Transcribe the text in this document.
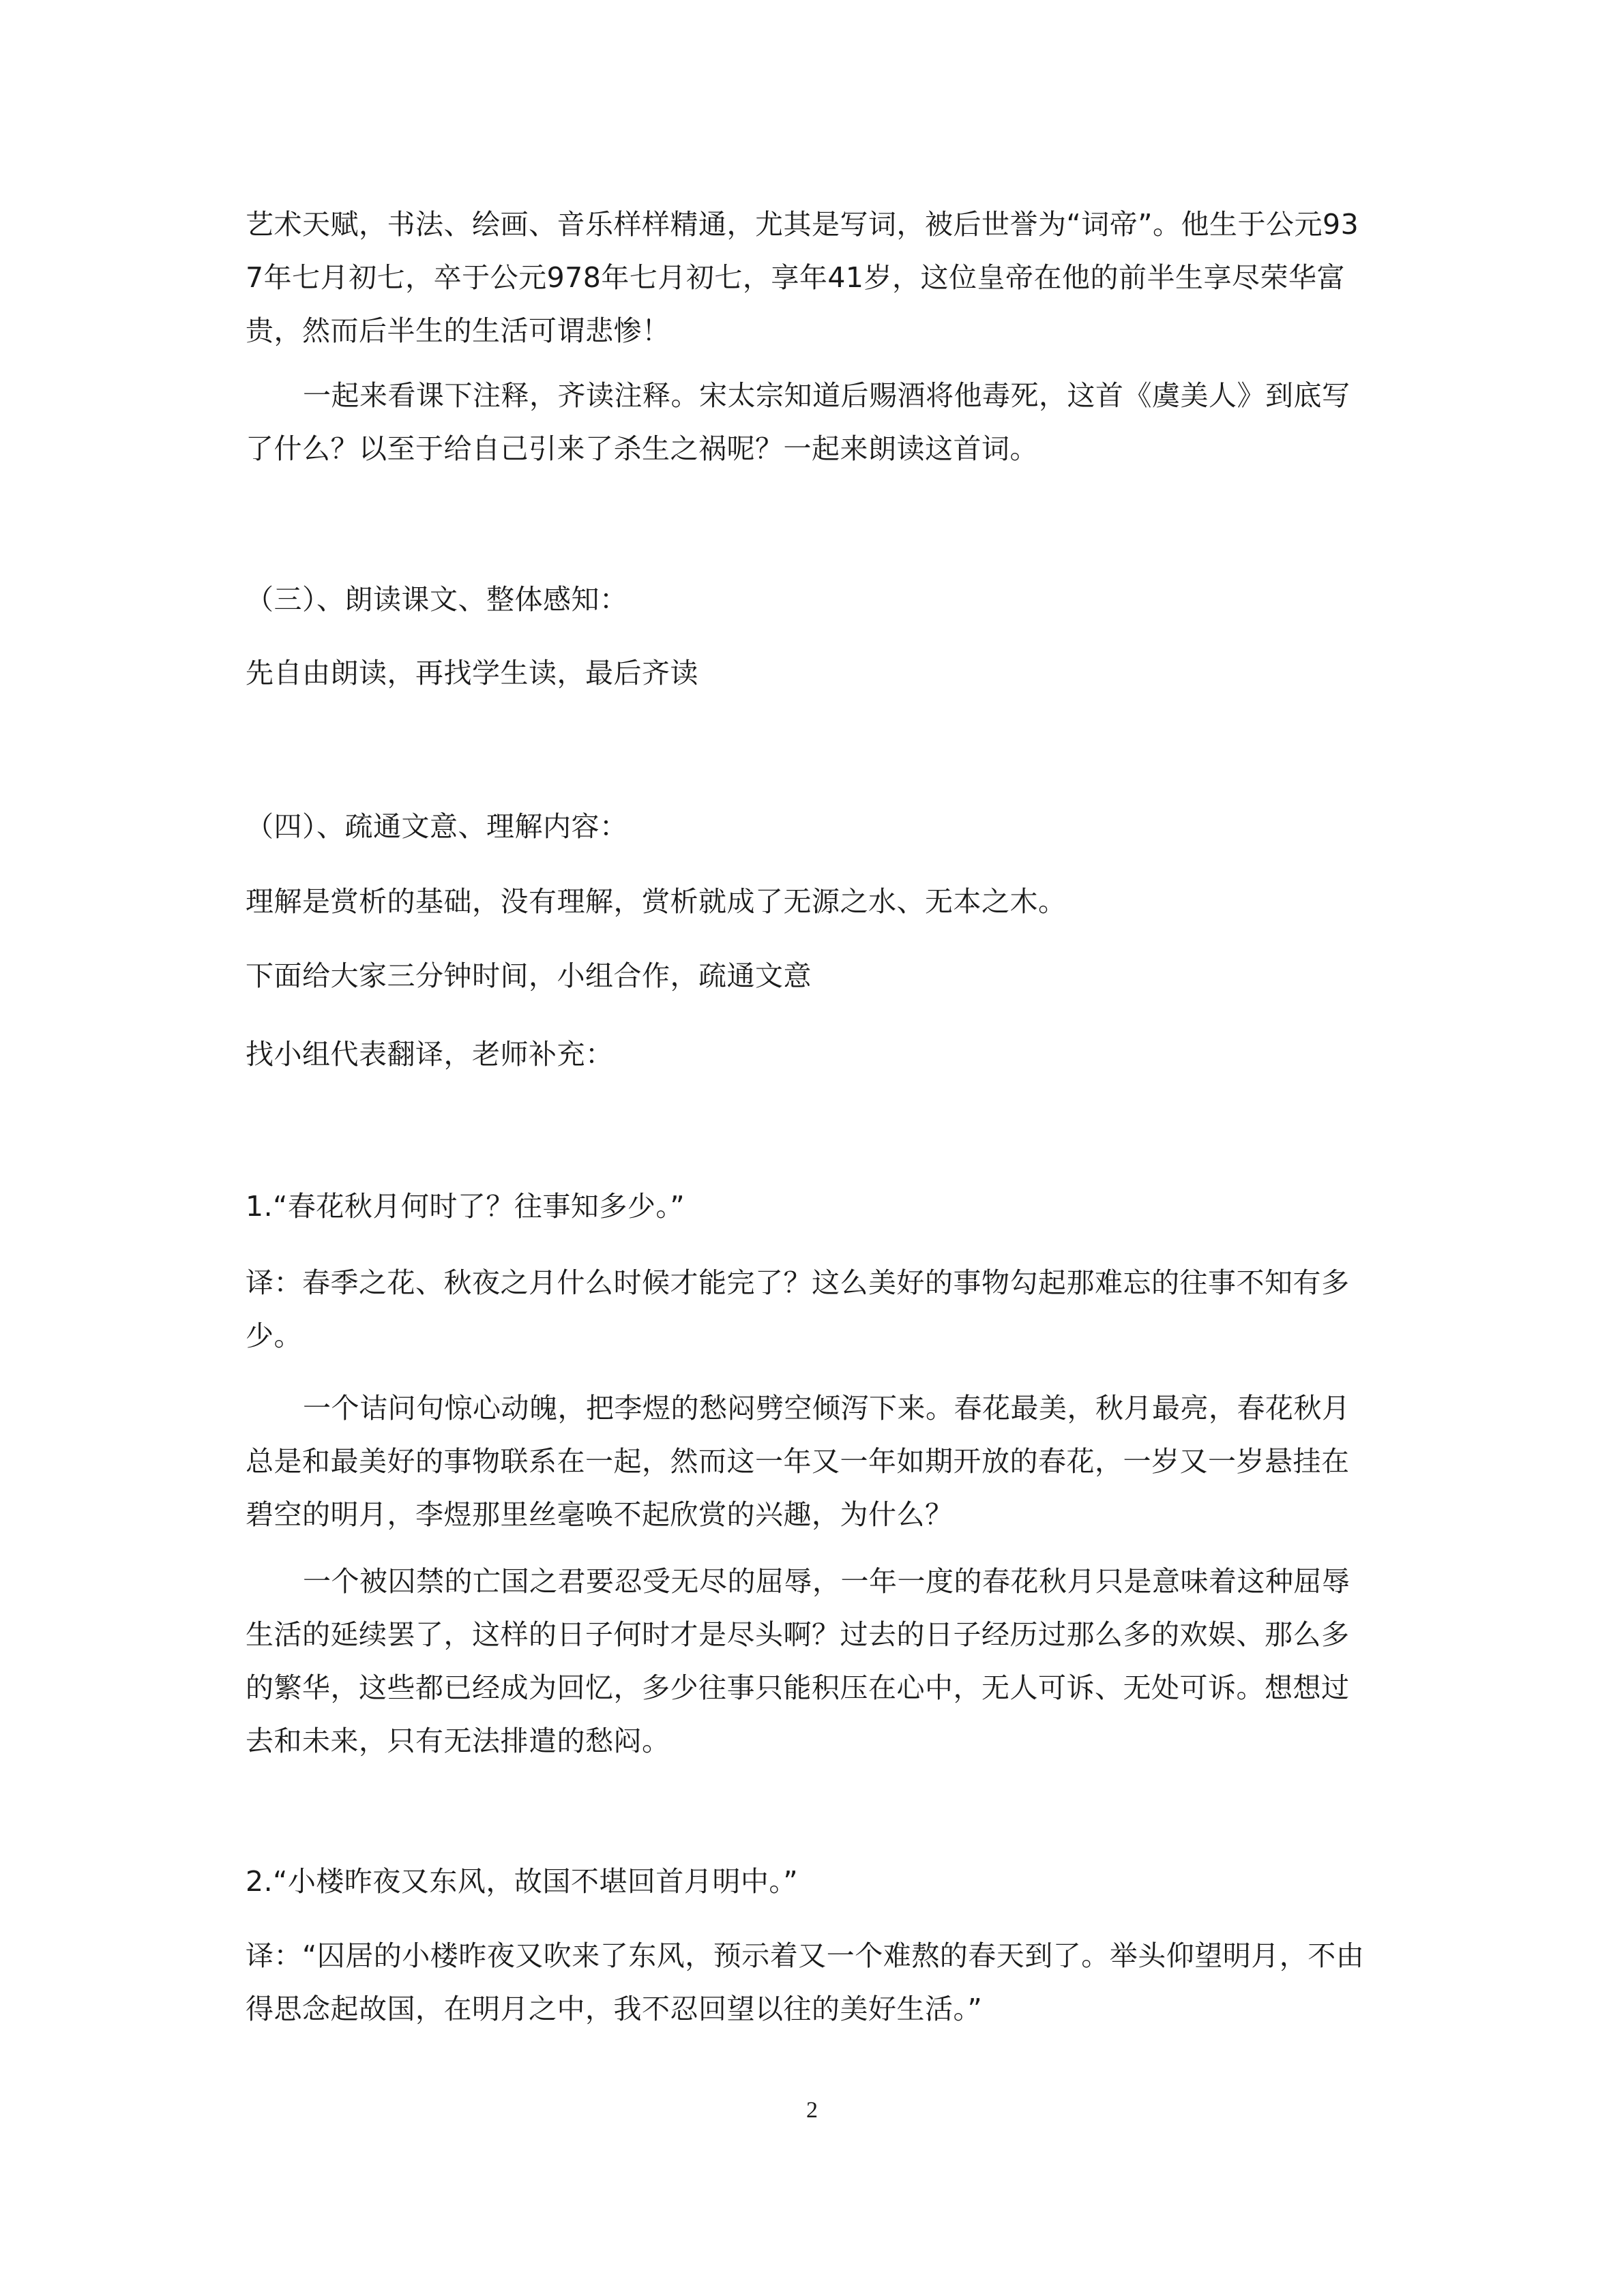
艺术天赋，书法、绘画、音乐样样精通，尤其是写词，被后世誉为“词帝”。他生于公元937年七月初七，卒于公元978年七月初七，享年41岁，这位皇帝在他的前半生享尽荣华富贵，然而后半生的生活可谓悲惨！

一起来看课下注释，齐读注释。宋太宗知道后赐酒将他毒死，这首《虞美人》到底写了什么？以至于给自己引来了杀生之祸呢？一起来朗读这首词。

（三）、朗读课文、整体感知：

先自由朗读，再找学生读，最后齐读

（四）、疏通文意、理解内容：

理解是赏析的基础，没有理解，赏析就成了无源之水、无本之木。

下面给大家三分钟时间，小组合作，疏通文意

找小组代表翻译，老师补充：

1.“春花秋月何时了？往事知多少。”

译：春季之花、秋夜之月什么时候才能完了？这么美好的事物勾起那难忘的往事不知有多少。

一个诘问句惊心动魄，把李煜的愁闷劈空倾泻下来。春花最美，秋月最亮，春花秋月总是和最美好的事物联系在一起，然而这一年又一年如期开放的春花，一岁又一岁悬挂在碧空的明月，李煜那里丝毫唤不起欣赏的兴趣，为什么？

一个被囚禁的亡国之君要忍受无尽的屈辱，一年一度的春花秋月只是意味着这种屈辱生活的延续罢了，这样的日子何时才是尽头啊？过去的日子经历过那么多的欢娱、那么多的繁华，这些都已经成为回忆，多少往事只能积压在心中，无人可诉、无处可诉。想想过去和未来，只有无法排遣的愁闷。

2.“小楼昨夜又东风，故国不堪回首月明中。”

译：“囚居的小楼昨夜又吹来了东风，预示着又一个难熬的春天到了。举头仰望明月，不由得思念起故国，在明月之中，我不忍回望以往的美好生活。”

2
